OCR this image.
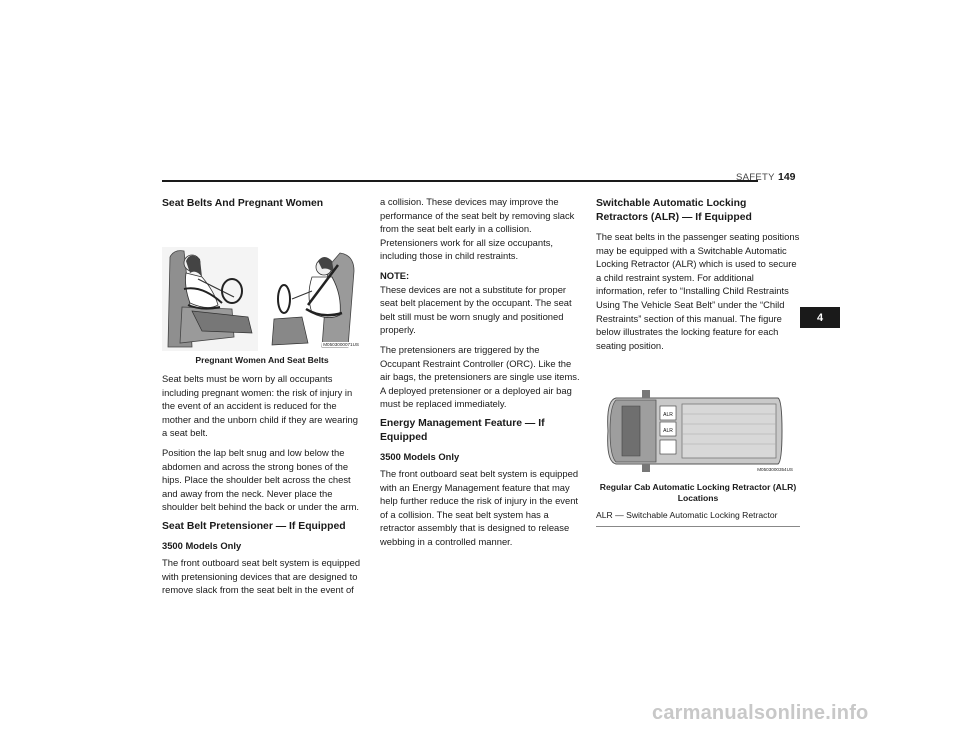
SAFETY 149
Seat Belts And Pregnant Women
M0503000071US
Pregnant Women And Seat Belts

Seat belts must be worn by all occupants including pregnant women: the risk of injury in the event of an accident is reduced for the mother and the unborn child if they are wearing a seat belt.

Position the lap belt snug and low below the abdomen and across the strong bones of the hips. Place the shoulder belt across the chest and away from the neck. Never place the shoulder belt behind the back or under the arm.

Seat Belt Pretensioner — If Equipped
3500 Models Only

The front outboard seat belt system is equipped with pretensioning devices that are designed to remove slack from the seat belt in the event of

a collision. These devices may improve the performance of the seat belt by removing slack from the seat belt early in a collision. Pretensioners work for all size occupants, including those in child restraints.

NOTE:
These devices are not a substitute for proper seat belt placement by the occupant. The seat belt still must be worn snugly and positioned properly.

The pretensioners are triggered by the Occupant Restraint Controller (ORC). Like the air bags, the pretensioners are single use items. A deployed pretensioner or a deployed air bag must be replaced immediately.

Energy Management Feature — If Equipped
3500 Models Only

The front outboard seat belt system is equipped with an Energy Management feature that may help further reduce the risk of injury in the event of a collision. The seat belt system has a retractor assembly that is designed to release webbing in a controlled manner.

Switchable Automatic Locking Retractors (ALR) — If Equipped

The seat belts in the passenger seating positions may be equipped with a Switchable Automatic Locking Retractor (ALR) which is used to secure a child restraint system. For additional information, refer to “Installing Child Restraints Using The Vehicle Seat Belt” under the “Child Restraints” section of this manual. The figure below illustrates the locking feature for each seating position.

ALR
ALR
M0503000354US
Regular Cab Automatic Locking Retractor (ALR) Locations
ALR — Switchable Automatic Locking Retractor
4
carmanualsonline.info
